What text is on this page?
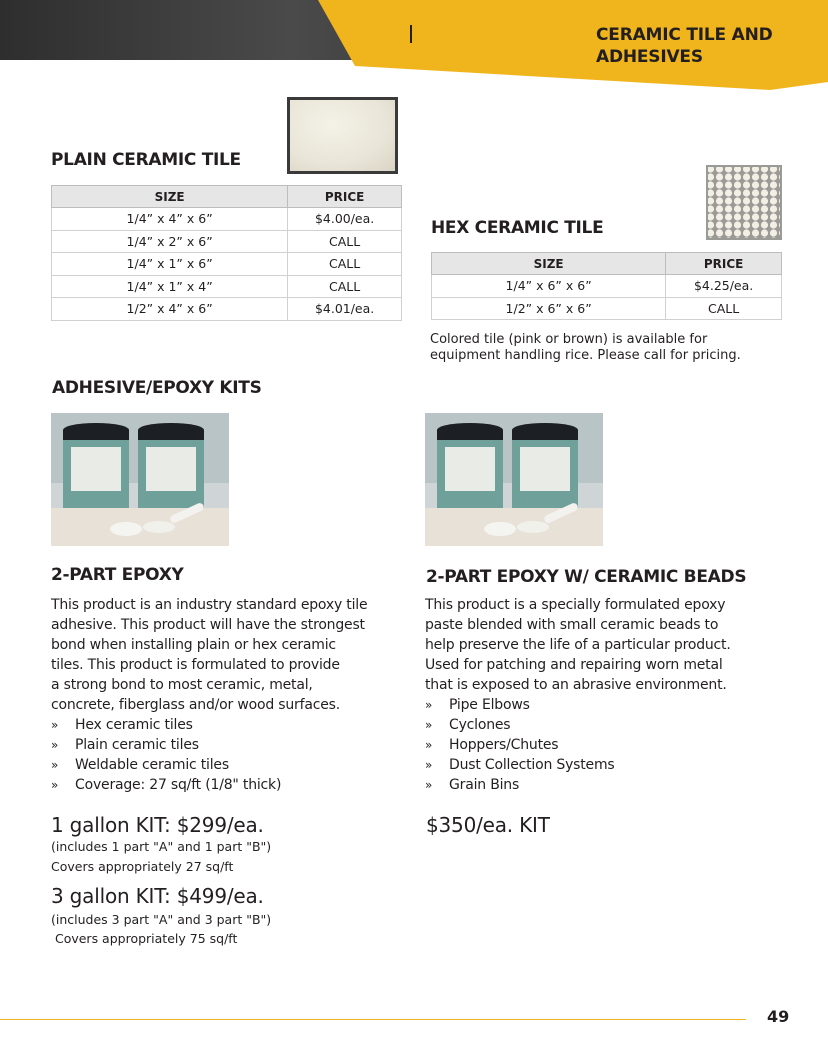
CERAMIC TILE AND
ADHESIVES
PLAIN CERAMIC TILE
SIZE	PRICE
1/4” x 4” x 6”	$4.00/ea.
1/4” x 2” x 6”	CALL
1/4” x 1” x 6”	CALL
1/4” x 1” x 4”	CALL
1/2” x 4” x 6”	$4.01/ea.
HEX CERAMIC TILE
SIZE	PRICE
1/4” x 6” x 6”	$4.25/ea.
1/2” x 6” x 6”	CALL
Colored tile (pink or brown) is available for equipment handling rice. Please call for pricing.
ADHESIVE/EPOXY KITS
2-PART EPOXY

This product is an industry standard epoxy tile

adhesive. This product will have the strongest

bond when installing plain or hex ceramic

tiles. This product is formulated to provide

a strong bond to most ceramic, metal,

concrete, fiberglass and/or wood surfaces.

» Hex ceramic tiles
» Plain ceramic tiles
» Weldable ceramic tiles
» Coverage: 27 sq/ft (1/8" thick)
1 gallon KIT: $299/ea.
(includes 1 part "A" and 1 part "B")
Covers appropriately 27 sq/ft
3 gallon KIT: $499/ea.
(includes 3 part "A" and 3 part "B")
Covers appropriately 75 sq/ft
2-PART EPOXY W/ CERAMIC BEADS

This product is a specially formulated epoxy

paste blended with small ceramic beads to

help preserve the life of a particular product.

Used for patching and repairing worn metal

that is exposed to an abrasive environment.

» Pipe Elbows
» Cyclones
» Hoppers/Chutes
» Dust Collection Systems
» Grain Bins
$350/ea. KIT
49
